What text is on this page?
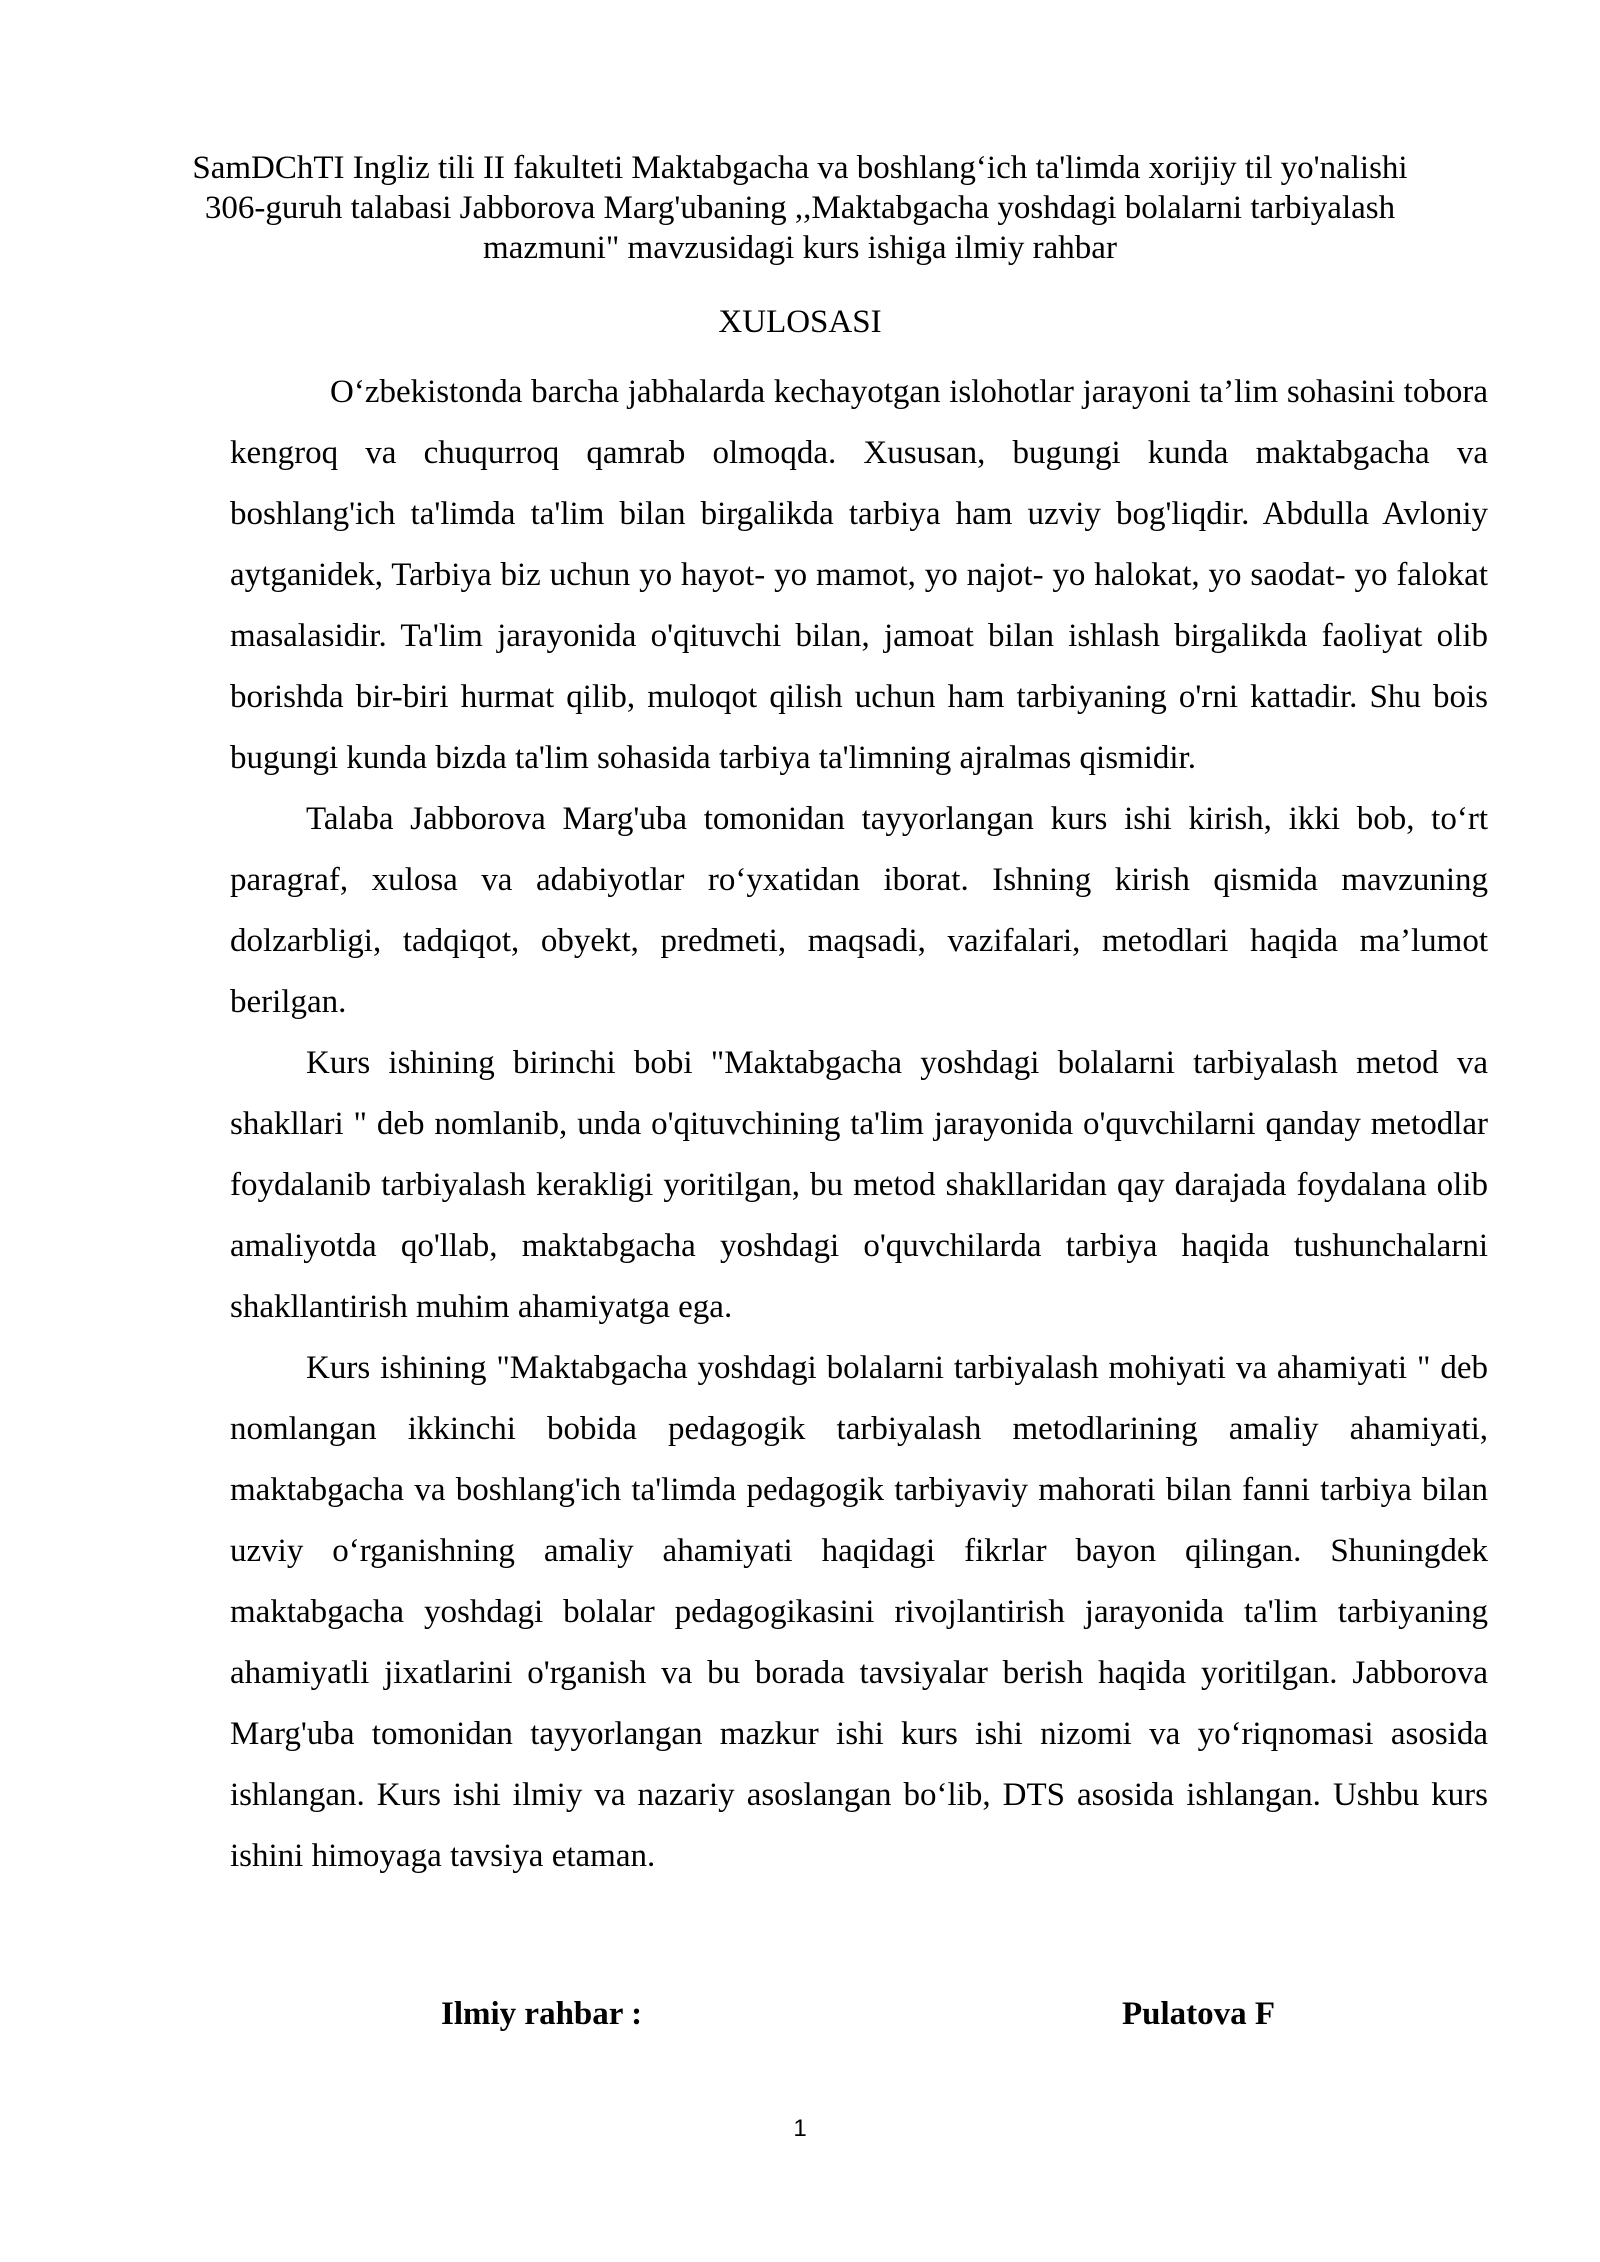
SamDChTI Ingliz tili II fakulteti Maktabgacha va boshlang‘ich ta'limda xorijiy til yo'nalishi
306-guruh talabasi Jabborova Marg'ubaning ,,Maktabgacha yoshdagi bolalarni tarbiyalash
mazmuni" mavzusidagi kurs ishiga ilmiy rahbar
XULOSASI

O‘zbekistonda barcha jabhalarda kechayotgan islohotlar jarayoni ta’lim sohasini tobora kengroq va chuqurroq qamrab olmoqda. Xususan, bugungi kunda maktabgacha va boshlang'ich ta'limda ta'lim bilan birgalikda tarbiya ham uzviy bog'liqdir. Abdulla Avloniy aytganidek, Tarbiya biz uchun yo hayot- yo mamot, yo najot- yo halokat, yo saodat- yo falokat masalasidir. Ta'lim jarayonida o'qituvchi bilan, jamoat bilan ishlash birgalikda faoliyat olib borishda bir-biri hurmat qilib, muloqot qilish uchun ham tarbiyaning o'rni kattadir. Shu bois bugungi kunda bizda ta'lim sohasida tarbiya ta'limning ajralmas qismidir.

Talaba Jabborova Marg'uba tomonidan tayyorlangan kurs ishi kirish, ikki bob, to‘rt paragraf, xulosa va adabiyotlar ro‘yxatidan iborat. Ishning kirish qismida mavzuning dolzarbligi, tadqiqot, obyekt, predmeti, maqsadi, vazifalari, metodlari haqida ma’lumot berilgan.

Kurs ishining birinchi bobi "Maktabgacha yoshdagi bolalarni tarbiyalash metod va shakllari " deb nomlanib, unda o'qituvchining ta'lim jarayonida o'quvchilarni qanday metodlar foydalanib tarbiyalash kerakligi yoritilgan, bu metod shakllaridan qay darajada foydalana olib amaliyotda qo'llab, maktabgacha yoshdagi o'quvchilarda tarbiya haqida tushunchalarni shakllantirish muhim ahamiyatga ega.

Kurs ishining "Maktabgacha yoshdagi bolalarni tarbiyalash mohiyati va ahamiyati " deb nomlangan ikkinchi bobida pedagogik tarbiyalash metodlarining amaliy ahamiyati, maktabgacha va boshlang'ich ta'limda pedagogik tarbiyaviy mahorati bilan fanni tarbiya bilan uzviy o‘rganishning amaliy ahamiyati haqidagi fikrlar bayon qilingan. Shuningdek maktabgacha yoshdagi bolalar pedagogikasini rivojlantirish jarayonida ta'lim tarbiyaning ahamiyatli jixatlarini o'rganish va bu borada tavsiyalar berish haqida yoritilgan. Jabborova Marg'uba tomonidan tayyorlangan mazkur ishi kurs ishi nizomi va yo‘riqnomasi asosida ishlangan. Kurs ishi ilmiy va nazariy asoslangan bo‘lib, DTS asosida ishlangan. Ushbu kurs ishini himoyaga tavsiya etaman.

Ilmiy rahbar :	Pulatova F
1
